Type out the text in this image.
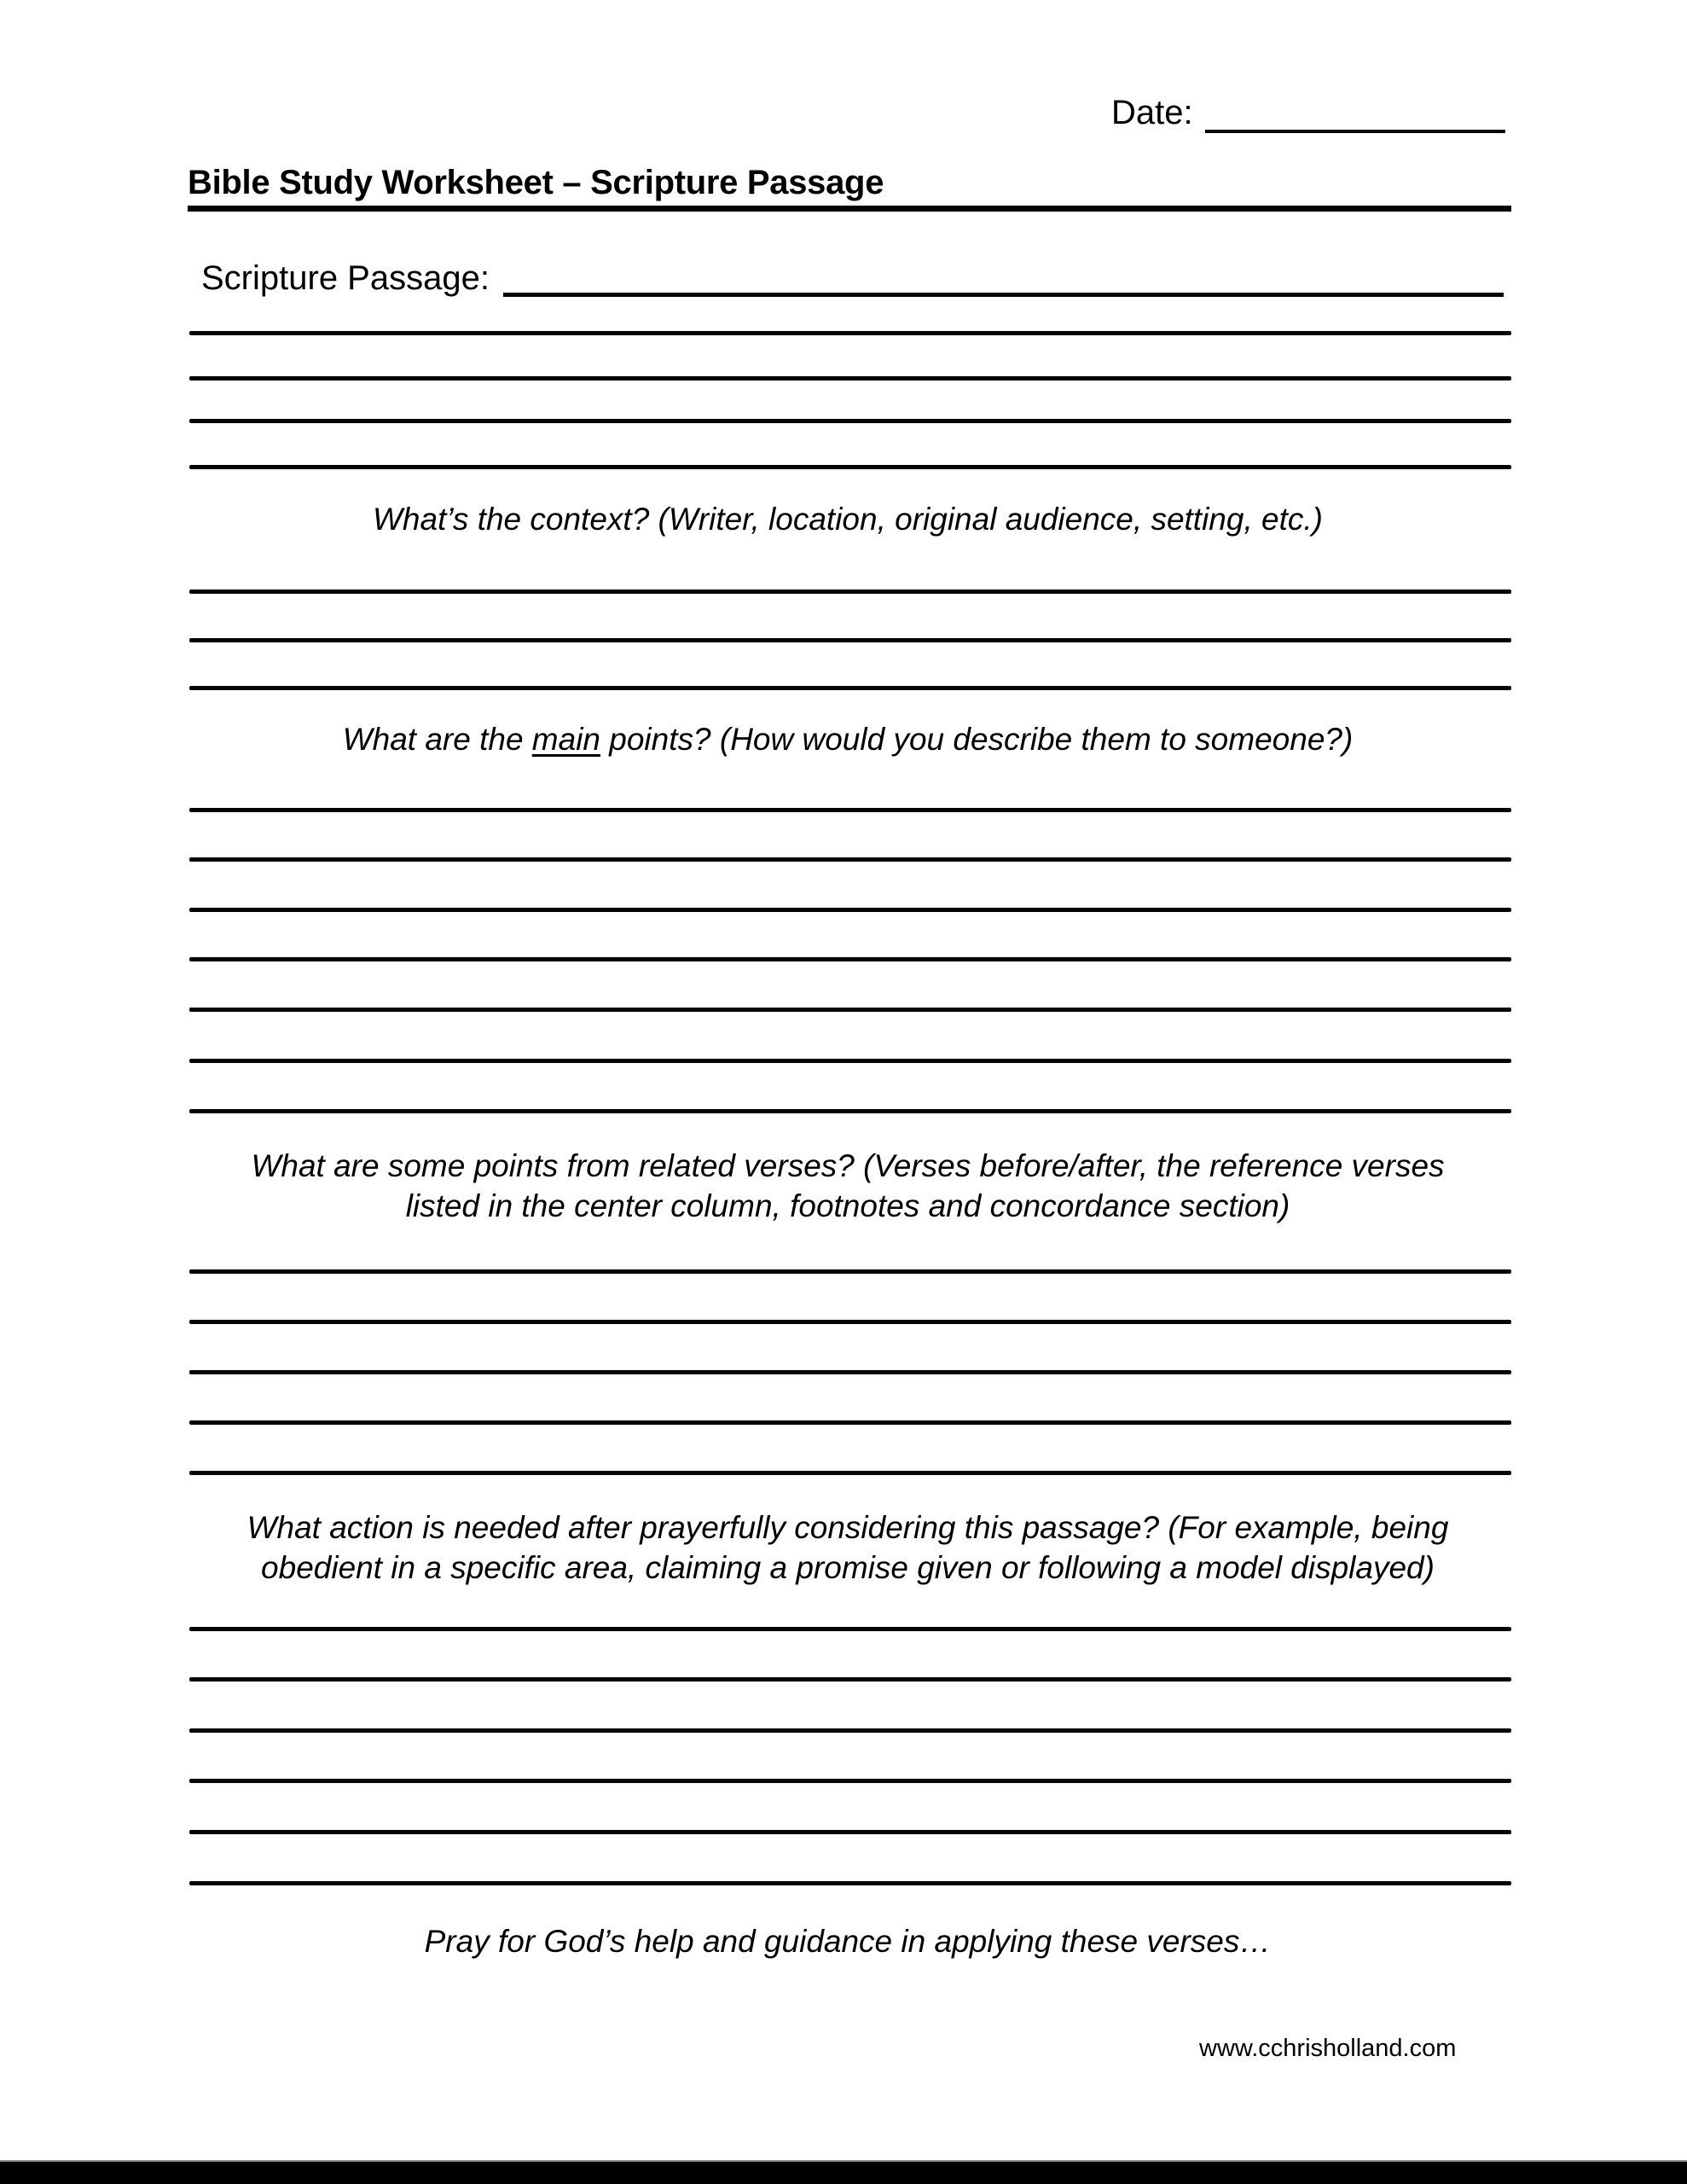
Date:
Bible Study Worksheet – Scripture Passage
Scripture Passage:
What’s the context? (Writer, location, original audience, setting, etc.)
What are the main points? (How would you describe them to someone?)
What are some points from related verses? (Verses before/after, the reference verses
listed in the center column, footnotes and concordance section)
What action is needed after prayerfully considering this passage? (For example, being
obedient in a specific area, claiming a promise given or following a model displayed)
Pray for God’s help and guidance in applying these verses…
www.cchrisholland.com
